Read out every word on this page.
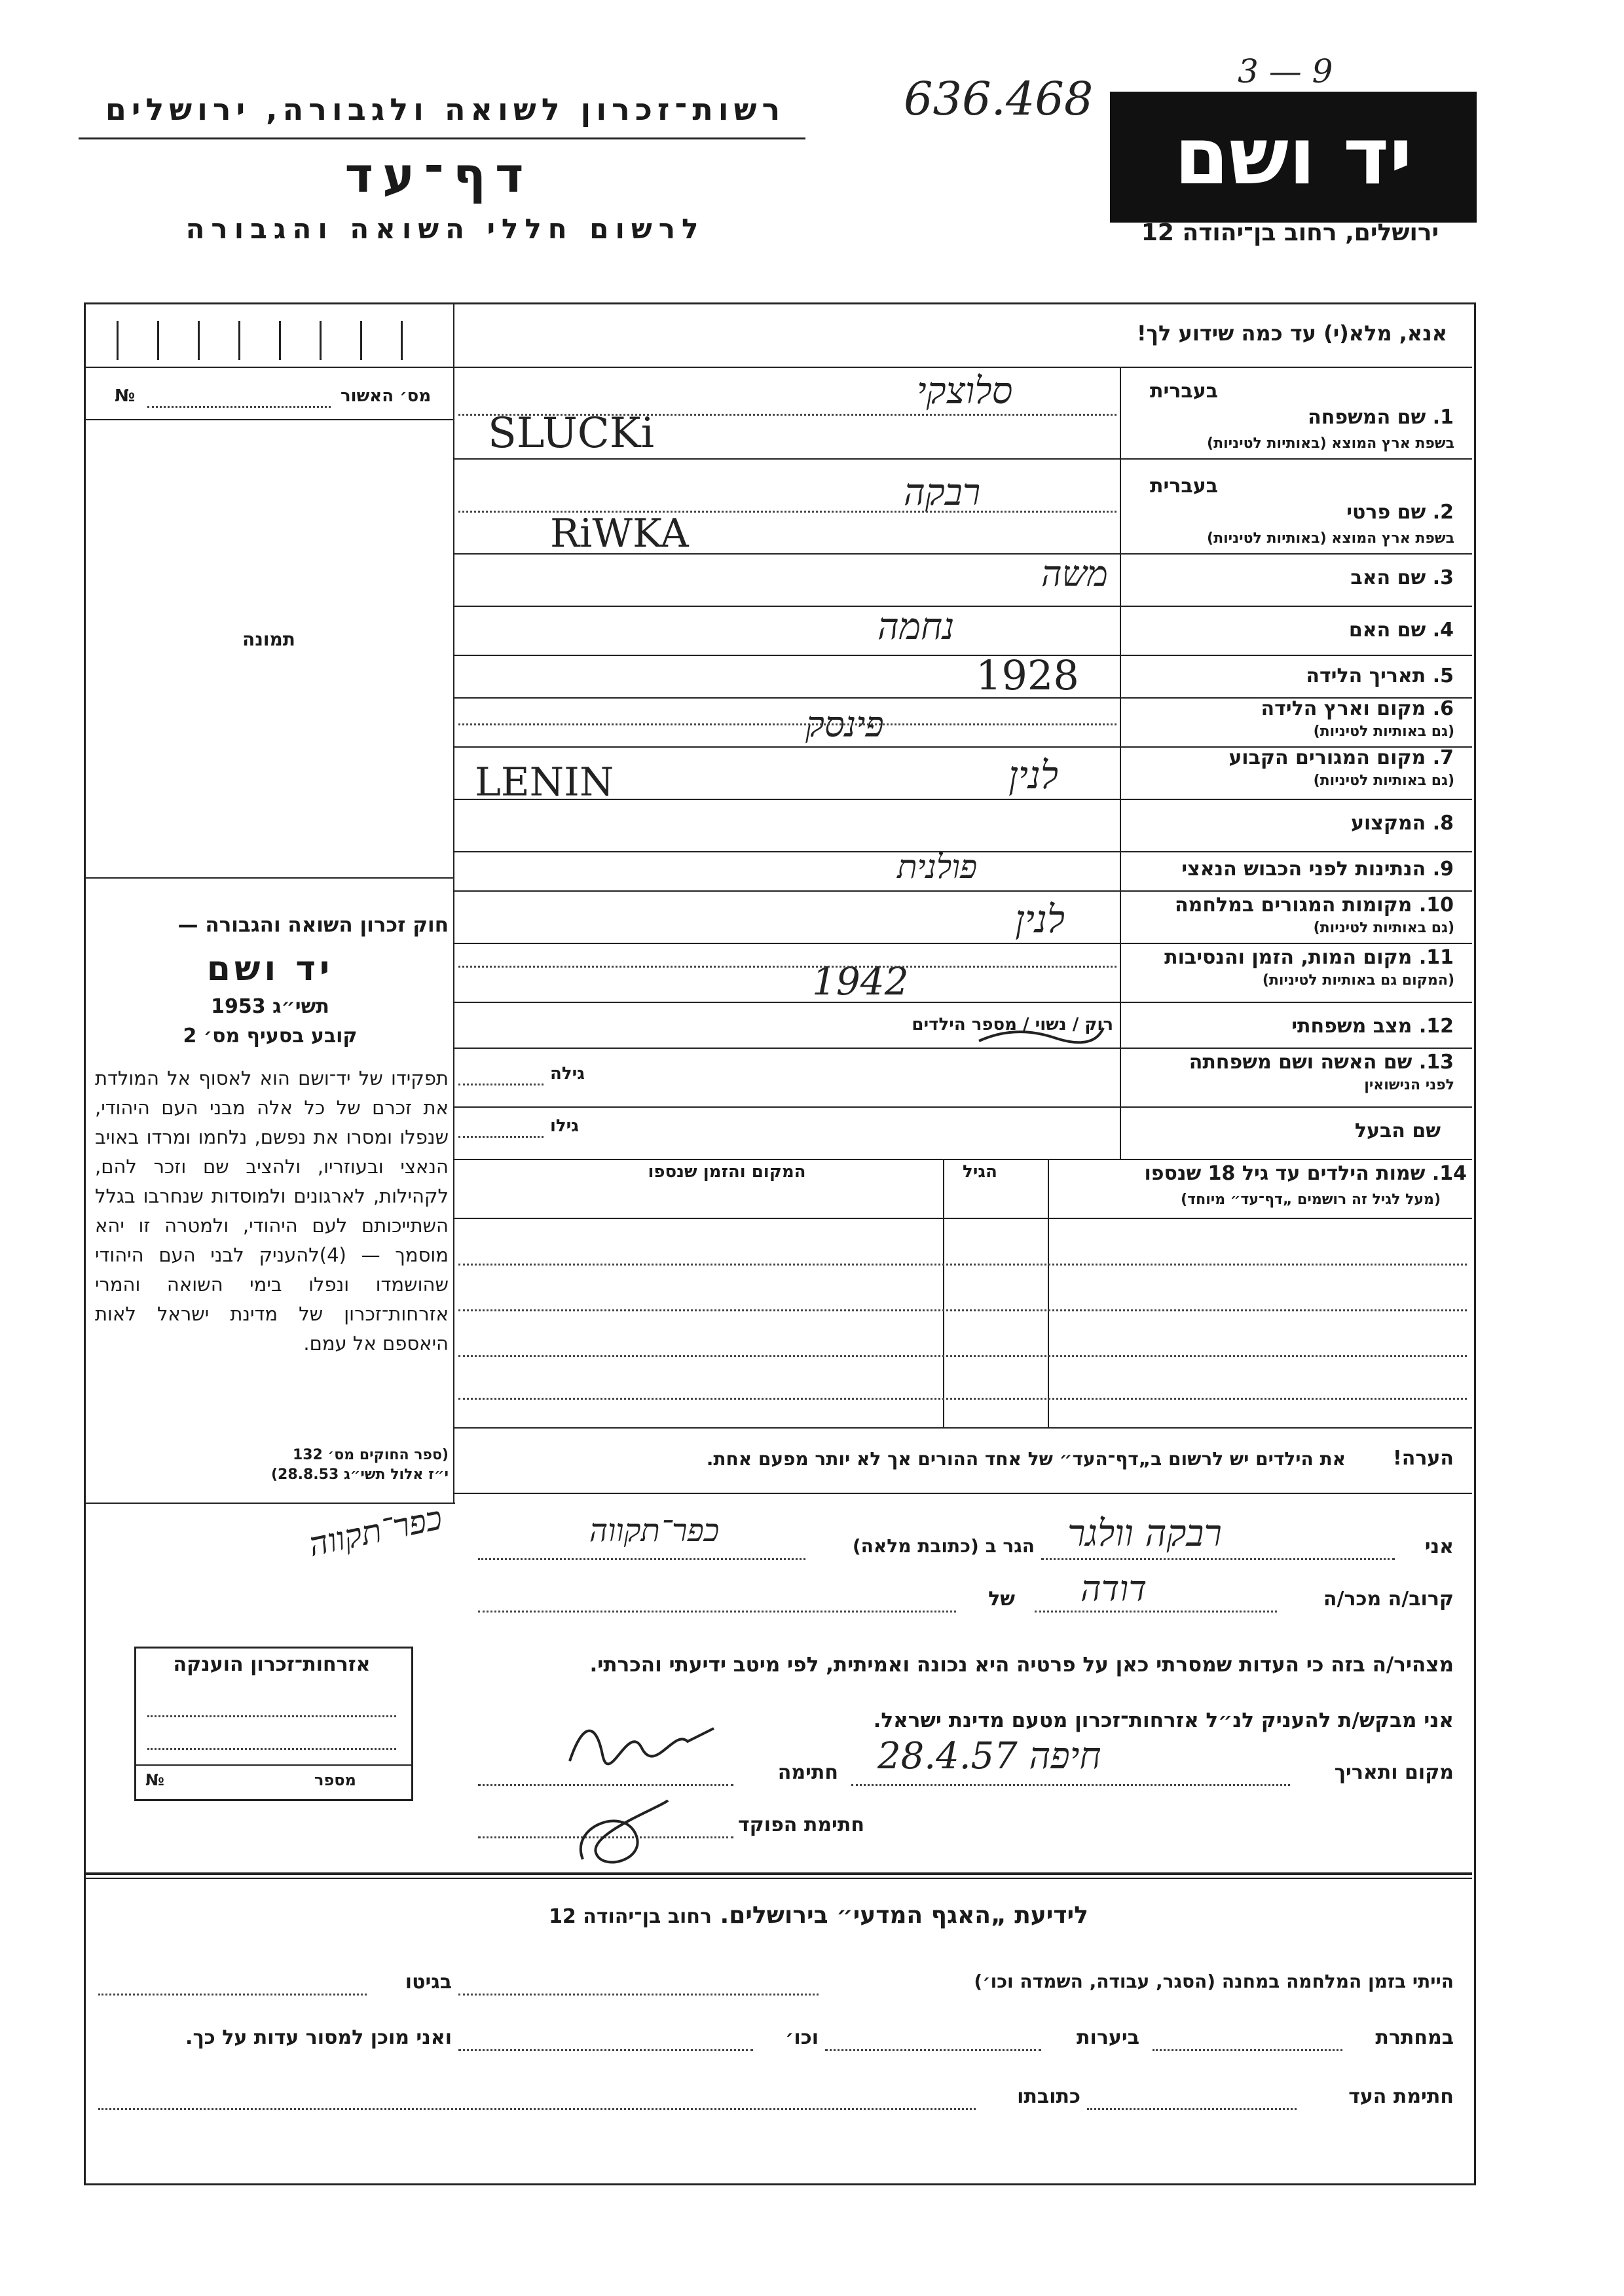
רשות־זכרון לשואה ולגבורה, ירושלים
דף־עד
לרשום חללי השואה והגבורה
636.468
3 — 9
יד ושם
ירושלים, רחוב בן־יהודה 12
אנא, מלא(י) עד כמה שידוע לך!
מס׳ האשור
№
תמונה
בעברית
1. שם המשפחה
בשפת ארץ המוצא (באותיות לטיניות)
סלוצקי
SLUCKi
בעברית
2. שם פרטי
בשפת ארץ המוצא (באותיות לטיניות)
רבקה
RiWKA
3. שם האב
משה
4. שם האם
נחמה
5. תאריך הלידה
1928
6. מקום וארץ הלידה
(גם באותיות לטיניות)
פינסק
7. מקום המגורים הקבוע
(גם באותיות לטיניות)
לנין
LENIN
8. המקצוע
9. הנתינות לפני הכבוש הנאצי
פולנית
10. מקומות המגורים במלחמה
(גם באותיות לטיניות)
לנין
11. מקום המות, הזמן והנסיבות
(המקום גם באותיות לטיניות)
1942
12. מצב משפחתי
רוק / נשוי / מספר הילדים
13. שם האשה ושם משפחתה
לפני הנישואין
גילה
שם הבעל
גילו
14. שמות הילדים עד גיל 18 שנספו
(מעל לגיל זה רושמים „דף־עד״ מיוחד)
הגיל
המקום והזמן שנספו
הערה!
את הילדים יש לרשום ב„דף־העד״ של אחד ההורים אך לא יותר מפעם אחת.
חוק זכרון השואה והגבורה —
יד ושם
תשי״ג 1953
קובע בסעיף מס׳ 2
תפקידו של יד־ושם הוא לאסוף אל המולדת את זכרם של כל אלה מבני העם היהודי, שנפלו ומסרו את נפשם, נלחמו ומרדו באויב הנאצי ובעוזריו, ולהציב שם וזכר להם, לקהילות, לארגונים ולמוסדות שנחרבו בגלל השתייכותם לעם היהודי, ולמטרה זו יהא מוסמך — (4)להעניק לבני העם היהודי שהושמדו ונפלו בימי השואה והמרי אזרחות־זכרון של מדינת ישראל לאות היאספם אל עמם.
(ספר החוקים מס׳ 132
י״ז אלול תשי״ג 28.8.53)
כפר־תקווה
אזרחות־זכרון הוענקה
מספר
№
אני
רבקה וולגר
הגר ב (כתובת מלאה)
כפר־תקווה
קרוב/ה מכר/ה
דודה
של
מצהיר/ה בזה כי העדות שמסרתי כאן על פרטיה היא נכונה ואמיתית, לפי מיטב ידיעתי והכרתי.
אני מבקש/ת להעניק לנ״ל אזרחות־זכרון מטעם מדינת ישראל.
מקום ותאריך
חיפה 28.4.57
חתימה
חתימת הפוקד
לידיעת „האגף המדעי״ בירושלים. רחוב בן־יהודה 12
הייתי בזמן המלחמה במחנה (הסגר, עבודה, השמדה וכו׳)
בגיטו
במחתרת
ביערות
וכו׳
ואני מוכן למסור עדות על כך.
חתימת העד
כתובתו
